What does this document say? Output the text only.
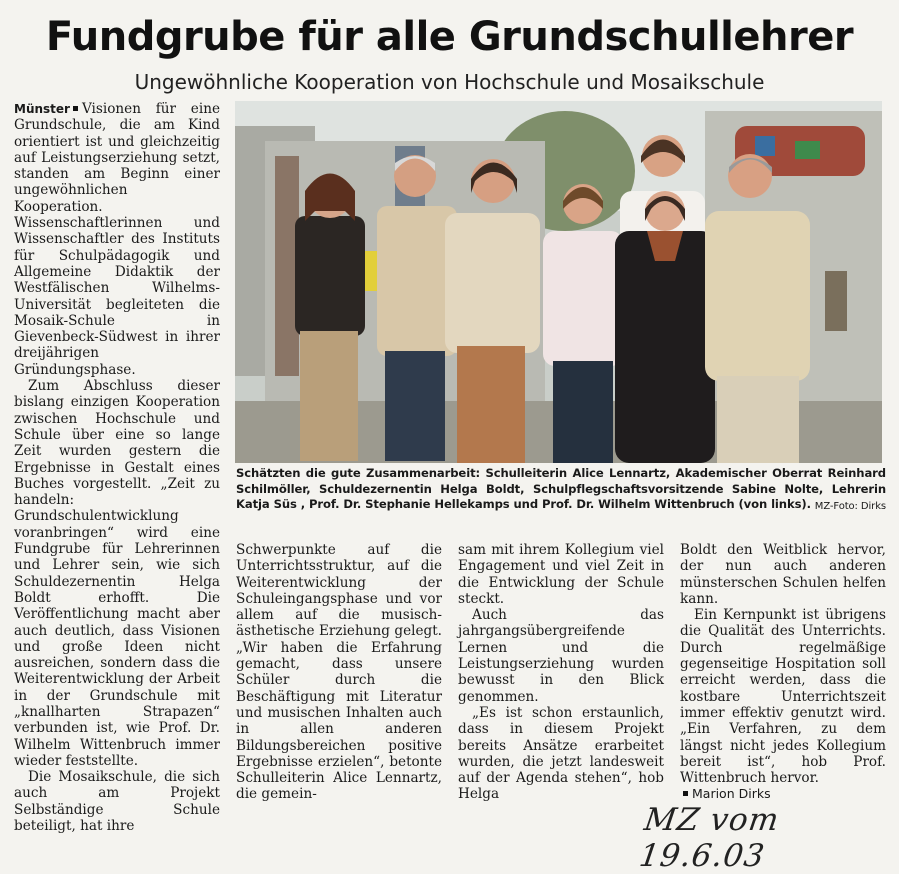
Fundgrube für alle Grundschullehrer
Ungewöhnliche Kooperation von Hochschule und Mosaikschule

Münster Visionen für eine Grundschule, die am Kind orientiert ist und gleichzeitig auf Leistungserziehung setzt, standen am Beginn einer ungewöhnlichen Kooperation. Wissenschaftlerinnen und Wissenschaftler des Instituts für Schulpädagogik und Allgemeine Didaktik der Westfälischen Wilhelms-Universität begleiteten die Mosaik-Schule in Gievenbeck-Südwest in ihrer dreijährigen Gründungsphase.

Zum Abschluss dieser bislang einzigen Kooperation zwischen Hochschule und Schule über eine so lange Zeit wurden gestern die Ergebnisse in Gestalt eines Buches vorgestellt. „Zeit zu handeln: Grundschulentwicklung voranbringen“ wird eine Fundgrube für Lehrerinnen und Lehrer sein, wie sich Schuldezernentin Helga Boldt erhofft. Die Veröffentlichung macht aber auch deutlich, dass Visionen und große Ideen nicht ausreichen, sondern dass die Weiterentwicklung der Arbeit in der Grundschule mit „knallharten Strapazen“ verbunden ist, wie Prof. Dr. Wilhelm Wittenbruch immer wieder feststellte.

Die Mosaikschule, die sich auch am Projekt Selbständige Schule beteiligt, hat ihre

Schätzten die gute Zusammenarbeit: Schulleiterin Alice Lennartz, Akademischer Oberrat Reinhard Schilmöller, Schuldezernentin Helga Boldt, Schulpflegschaftsvorsitzende Sabine Nolte, Lehrerin Katja Süs , Prof. Dr. Stephanie Hellekamps und Prof. Dr. Wilhelm Wittenbruch (von links). MZ-Foto: Dirks

Schwerpunkte auf die Unterrichtsstruktur, auf die Weiterentwicklung der Schuleingangsphase und vor allem auf die musisch-ästhetische Erziehung gelegt. „Wir haben die Erfahrung gemacht, dass unsere Schüler durch die Beschäftigung mit Literatur und musischen Inhalten auch in allen anderen Bildungsbereichen positive Ergebnisse erzielen“, betonte Schulleiterin Alice Lennartz, die gemein-

sam mit ihrem Kollegium viel Engagement und viel Zeit in die Entwicklung der Schule steckt.

Auch das jahrgangsübergreifende Lernen und die Leistungserziehung wurden bewusst in den Blick genommen.

„Es ist schon erstaunlich, dass in diesem Projekt bereits Ansätze erarbeitet wurden, die jetzt landesweit auf der Agenda stehen“, hob Helga

Boldt den Weitblick hervor, der nun auch anderen münsterschen Schulen helfen kann.

Ein Kernpunkt ist übrigens die Qualität des Unterrichts. Durch regelmäßige gegenseitige Hospitation soll erreicht werden, dass die kostbare Unterrichtszeit immer effektiv genutzt wird. „Ein Verfahren, zu dem längst nicht jedes Kollegium bereit ist“, hob Prof. Wittenbruch hervor.

Marion Dirks

MZ vom 19.6.03
